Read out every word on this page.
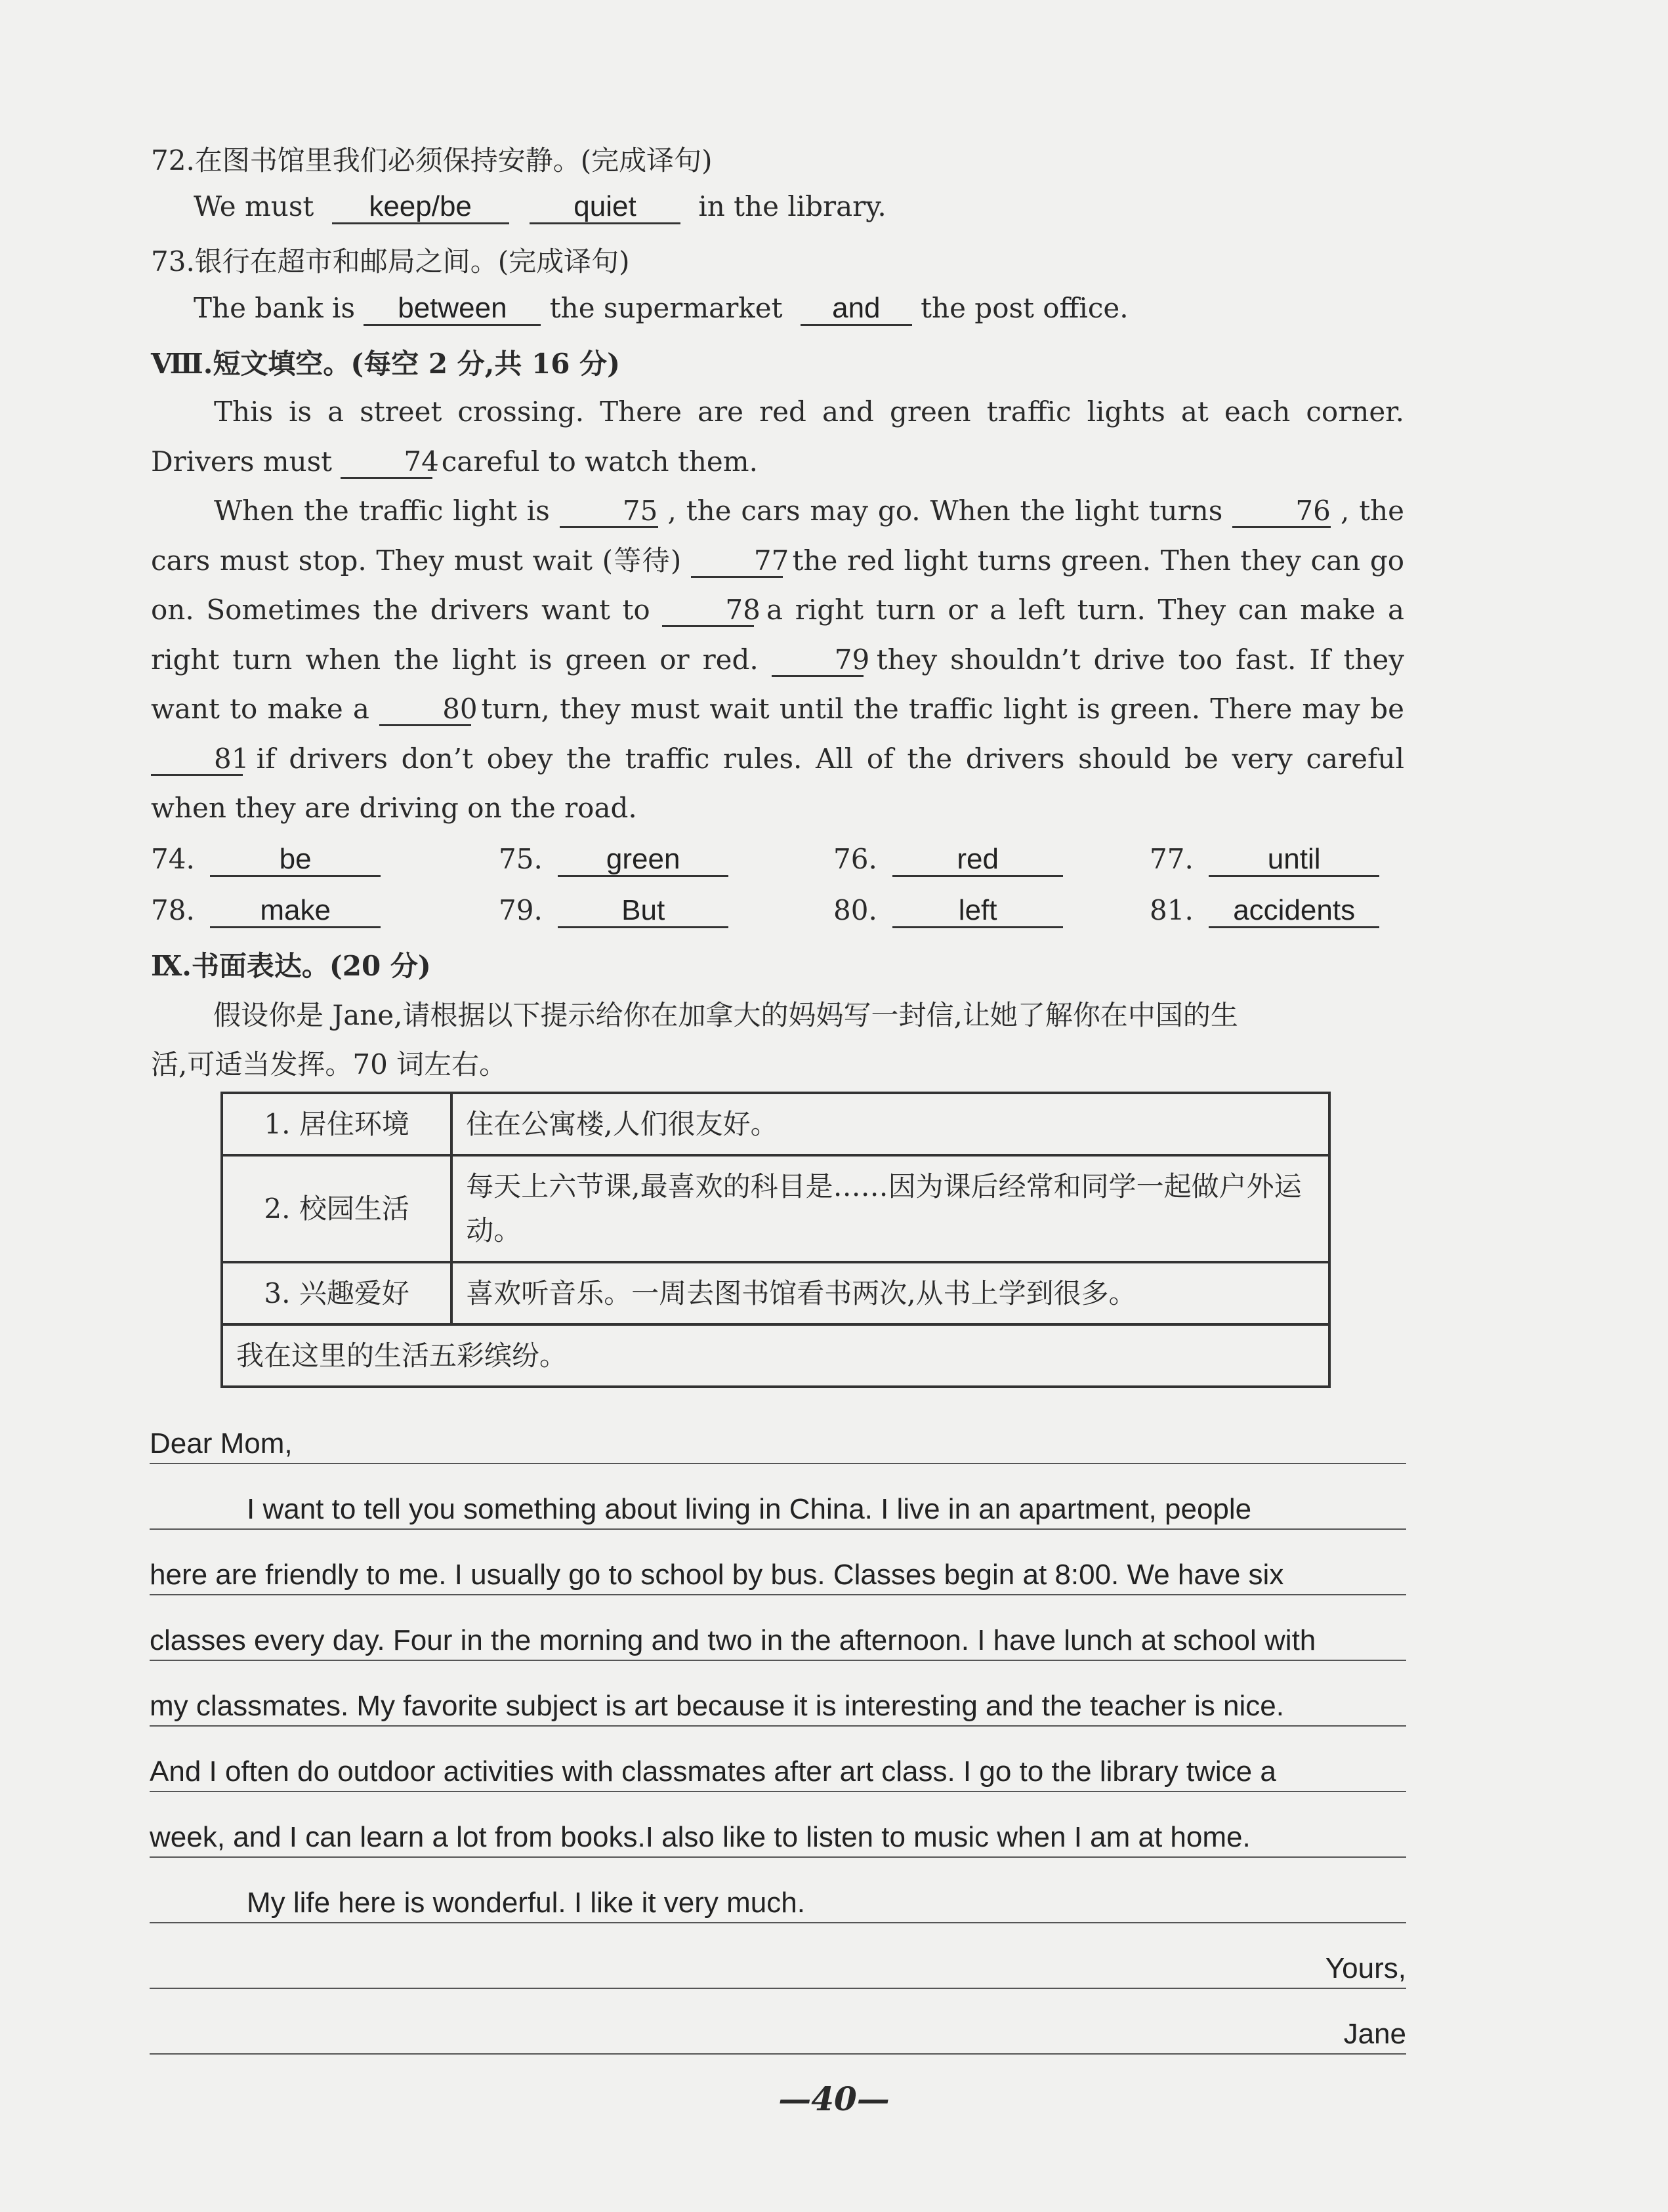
72.在图书馆里我们必须保持安静。(完成译句)
We must keep/be	quiet in the library.
73.银行在超市和邮局之间。(完成译句)
The bank is between the supermarket and the post office.
Ⅷ.短文填空。(每空 2 分,共 16 分)
This is a street crossing. There are red and green traffic lights at each corner. Drivers must	74 careful to watch them.
When the traffic light is	75 , the cars may go. When the light turns	76 , the cars must stop. They must wait (等待)	77 the red light turns green. Then they can go on. Sometimes the drivers want to	78 a right turn or a left turn. They can make a right turn when the light is green or red.	79 they shouldn’t drive too fast. If they want to make a	80 turn, they must wait until the traffic light is green. There may be 81 if drivers don’t obey the traffic rules. All of the drivers should be very careful when they are driving on the road.
74.	be	75. green	76.	red	77.	until
78. make	79.	But	80.	left	81. accidents
Ⅸ.书面表达。(20 分)
假设你是 Jane,请根据以下提示给你在加拿大的妈妈写一封信,让她了解你在中国的生
活,可适当发挥。70 词左右。
1. 居住环境	住在公寓楼,人们很友好。
2. 校园生活	每天上六节课,最喜欢的科目是……因为课后经常和同学一起做户外运动。
3. 兴趣爱好	喜欢听音乐。一周去图书馆看书两次,从书上学到很多。
我在这里的生活五彩缤纷。	
Dear Mom,
I want to tell you something about living in China. I live in an apartment, people
here are friendly to me. I usually go to school by bus. Classes begin at 8:00. We have six
classes every day. Four in the morning and two in the afternoon. I have lunch at school with
my classmates. My favorite subject is art because it is interesting and the teacher is nice.
And I often do outdoor activities with classmates after art class. I go to the library twice a
week, and I can learn a lot from books.I also like to listen to music when I am at home.
My life here is wonderful. I like it very much.
Yours,
Jane
—40—
